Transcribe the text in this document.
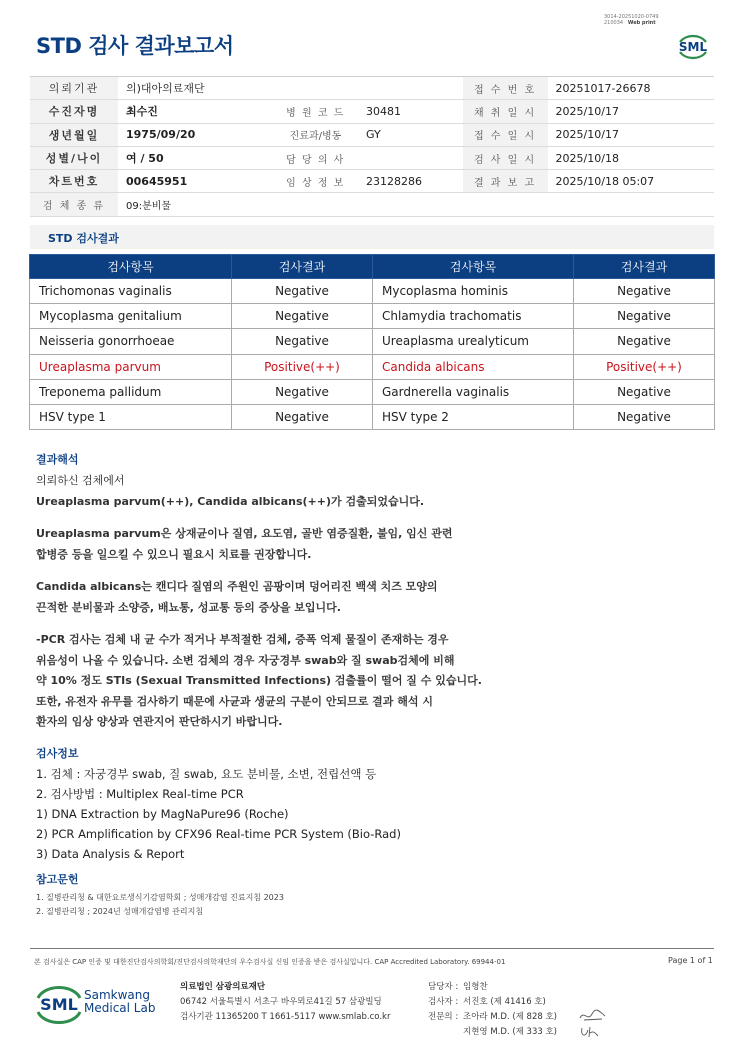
3014-20251020-0749
210034 Web print
STD 검사 결과보고서	SML
의뢰기관	의)대아의료재단			접 수 번 호	20251017-26678
수진자명	최수진	병 원 코 드	30481	채 취 일 시	2025/10/17
생년월일	1975/09/20	진료과/병동	GY	접 수 일 시	2025/10/17
성별/나이	여 / 50	담 당 의 사		검 사 일 시	2025/10/18
차트번호	00645951	임 상 정 보	23128286	결 과 보 고	2025/10/18 05:07
검 체 종 류	09:분비물				
STD 검사결과
검사항목	검사결과	검사항목	검사결과
Trichomonas vaginalis	Negative	Mycoplasma hominis	Negative
Mycoplasma genitalium	Negative	Chlamydia trachomatis	Negative
Neisseria gonorrhoeae	Negative	Ureaplasma urealyticum	Negative
Ureaplasma parvum	Positive(++)	Candida albicans	Positive(++)
Treponema pallidum	Negative	Gardnerella vaginalis	Negative
HSV type 1	Negative	HSV type 2	Negative
결과해석
의뢰하신 검체에서
Ureaplasma parvum(++), Candida albicans(++)가 검출되었습니다.
Ureaplasma parvum은 상재균이나 질염, 요도염, 골반 염증질환, 불임, 임신 관련
합병증 등을 일으킬 수 있으니 필요시 치료를 권장합니다.
Candida albicans는 캔디다 질염의 주원인 곰팡이며 덩어리진 백색 치즈 모양의
끈적한 분비물과 소양증, 배뇨통, 성교통 등의 증상을 보입니다.
-PCR 검사는 검체 내 균 수가 적거나 부적절한 검체, 증폭 억제 물질이 존재하는 경우
위음성이 나올 수 있습니다. 소변 검체의 경우 자궁경부 swab와 질 swab검체에 비해
약 10% 정도 STIs (Sexual Transmitted Infections) 검출률이 떨어 질 수 있습니다.
또한, 유전자 유무를 검사하기 때문에 사균과 생균의 구분이 안되므로 결과 해석 시
환자의 임상 양상과 연관지어 판단하시기 바랍니다.
검사정보
1. 검체 : 자궁경부 swab, 질 swab, 요도 분비물, 소변, 전립선액 등
2. 검사방법 : Multiplex Real-time PCR
1) DNA Extraction by MagNaPure96 (Roche)
2) PCR Amplification by CFX96 Real-time PCR System (Bio-Rad)
3) Data Analysis & Report
참고문헌
1. 질병관리청 & 대한요로생식기감염학회 ; 성매개감염 진료지침 2023
2. 질병관리청 ; 2024년 성매개감염병 관리지침
본 검사실은 CAP 인증 및 대한진단검사의학회/진단검사의학재단의 우수검사실 신임 인증을 받은 검사실입니다. CAP Accredited Laboratory. 69944-01	Page 1 of 1
SML Samkwang
Medical Lab
의료법인 삼광의료재단
06742 서울특별시 서초구 바우뫼로41길 57 삼광빌딩
검사기관 11365200 T 1661-5117 www.smlab.co.kr
담당자 : 임형찬
검사자 : 서진호 (제 41416 호)
전문의 : 조아라 M.D. (제 828 호)
지현영 M.D. (제 333 호)
